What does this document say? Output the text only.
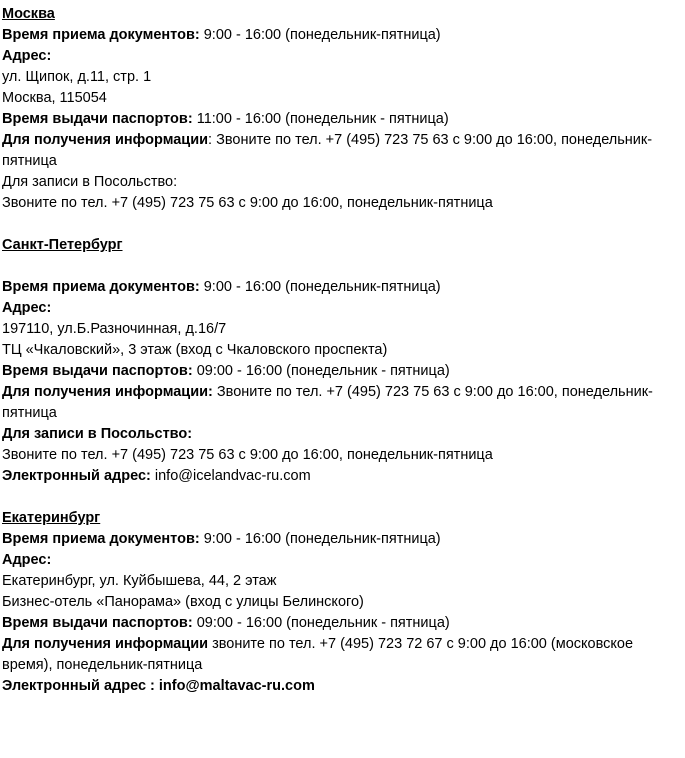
Москва
Время приема документов: 9:00 - 16:00 (понедельник-пятница)
Адрес:
ул. Щипок, д.11, стр. 1
Москва, 115054
Время выдачи паспортов: 11:00 - 16:00 (понедельник - пятница)
Для получения информации: Звоните по тел. +7 (495) 723 75 63 с 9:00 до 16:00, понедельник-пятница
Для записи в Посольство:
Звоните по тел. +7 (495) 723 75 63 с 9:00 до 16:00, понедельник-пятница
Санкт-Петербург
Время приема документов: 9:00 - 16:00 (понедельник-пятница)
Адрес:
197110, ул.Б.Разночинная, д.16/7
ТЦ «Чкаловский», 3 этаж (вход с Чкаловского проспекта)
Время выдачи паспортов: 09:00 - 16:00 (понедельник - пятница)
Для получения информации: Звоните по тел. +7 (495) 723 75 63 с 9:00 до 16:00, понедельник-пятница
Для записи в Посольство:
Звоните по тел. +7 (495) 723 75 63 с 9:00 до 16:00, понедельник-пятница
Электронный адрес: info@icelandvac-ru.com
Екатеринбург
Время приема документов: 9:00 - 16:00 (понедельник-пятница)
Адрес:
Екатеринбург, ул. Куйбышева, 44, 2 этаж
Бизнес-отель «Панорама» (вход с улицы Белинского)
Время выдачи паспортов: 09:00 - 16:00 (понедельник - пятница)
Для получения информации звоните по тел. +7 (495) 723 72 67 с 9:00 до 16:00 (московское время), понедельник-пятница
Электронный адрес : info@maltavac-ru.com
